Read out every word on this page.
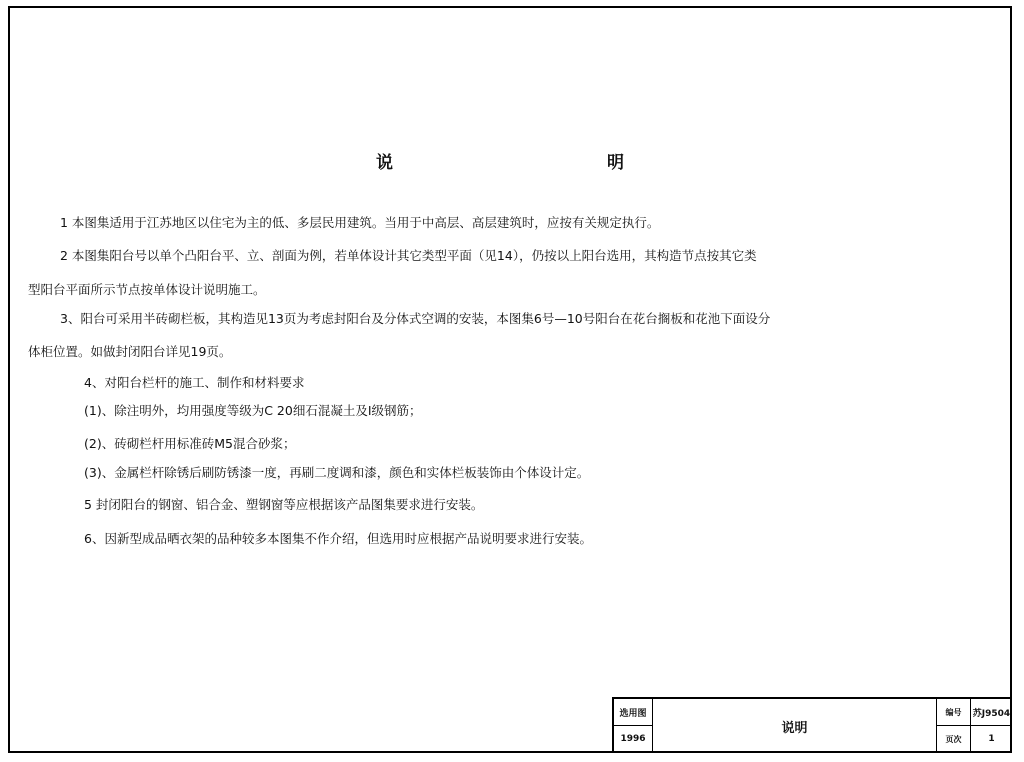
说　　明
1 本图集适用于江苏地区以住宅为主的低、多层民用建筑。当用于中高层、高层建筑时，应按有关规定执行。
2 本图集阳台号以单个凸阳台平、立、剖面为例，若单体设计其它类型平面（见14），仍按以上阳台选用，其构造节点按其它类
型阳台平面所示节点按单体设计说明施工。
3、阳台可采用半砖砌栏板，其构造见13页为考虑封阳台及分体式空调的安装，本图集6号—10号阳台在花台搁板和花池下面设分
体柜位置。如做封闭阳台详见19页。
4、对阳台栏杆的施工、制作和材料要求
(1)、除注明外，均用强度等级为C 20细石混凝土及Ⅰ级钢筋；
(2)、砖砌栏杆用标准砖M5混合砂浆；
(3)、金属栏杆除锈后刷防锈漆一度，再刷二度调和漆，颜色和实体栏板装饰由个体设计定。
5 封闭阳台的钢窗、铝合金、塑钢窗等应根据该产品图集要求进行安装。
6、因新型成品晒衣架的品种较多本图集不作介绍，但选用时应根据产品说明要求进行安装。
选用图
1996
说明
编号	苏J9504
页次	1
